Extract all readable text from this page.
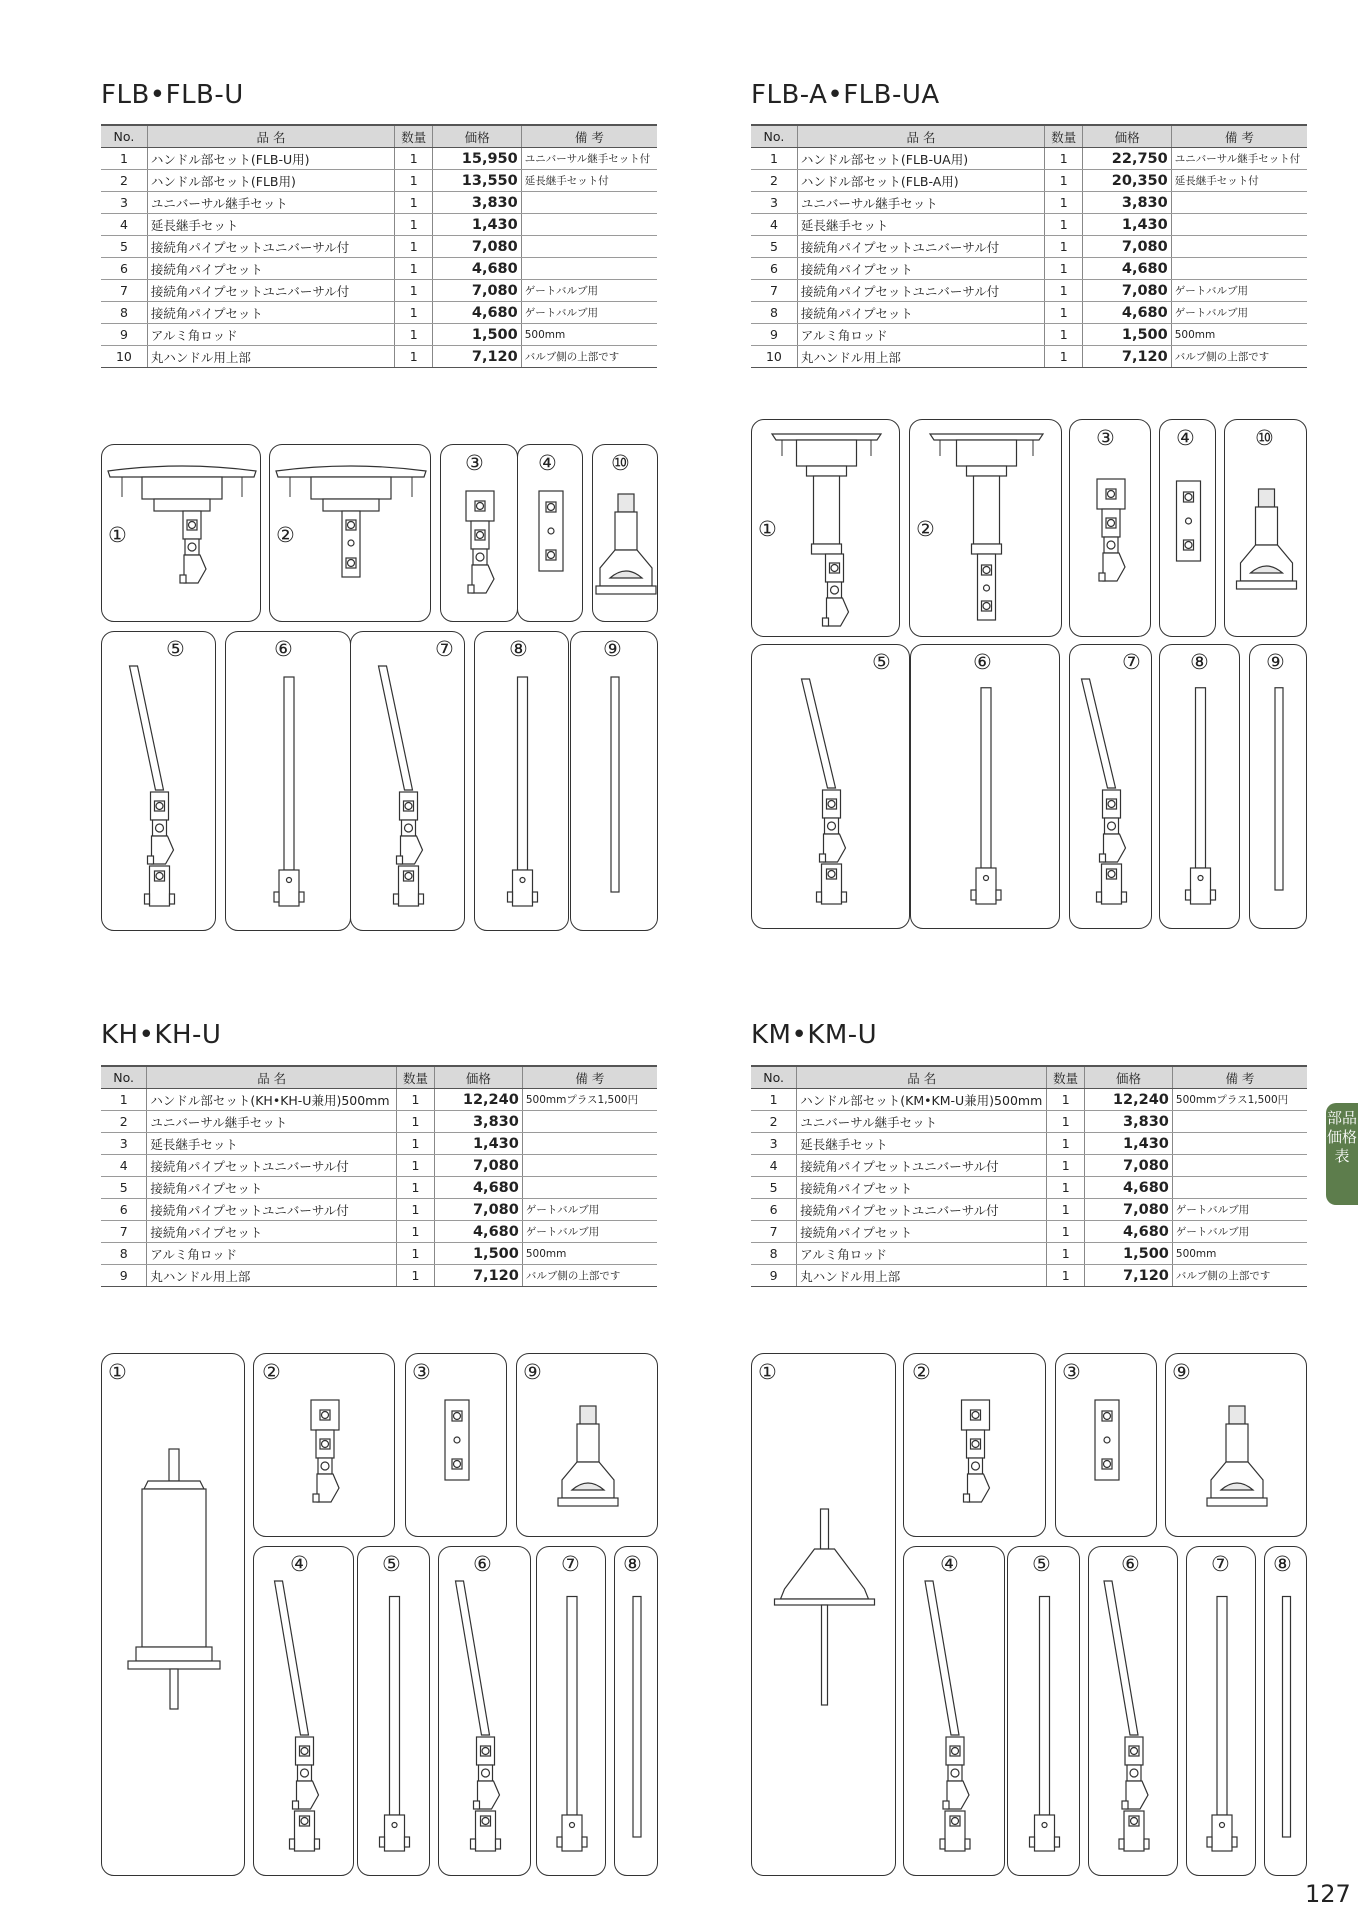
FLB•FLB-U	FLB-A•FLB-UA
KH•KH-U	KM•KM-U
No.	品 名	数量	価格	備 考
1	ハンドル部セット(FLB-U用)	1	15,950	ユニバーサル継手セット付
2	ハンドル部セット(FLB用)	1	13,550	延長継手セット付
3	ユニバーサル継手セット	1	3,830	
4	延長継手セット	1	1,430	
5	接続角パイプセットユニバーサル付	1	7,080	
6	接続角パイプセット	1	4,680	
7	接続角パイプセットユニバーサル付	1	7,080	ゲートバルブ用
8	接続角パイプセット	1	4,680	ゲートバルブ用
9	アルミ角ロッド	1	1,500	500mm
10	丸ハンドル用上部	1	7,120	バルブ側の上部です
No.	品 名	数量	価格	備 考
1	ハンドル部セット(FLB-UA用)	1	22,750	ユニバーサル継手セット付
2	ハンドル部セット(FLB-A用)	1	20,350	延長継手セット付
3	ユニバーサル継手セット	1	3,830	
4	延長継手セット	1	1,430	
5	接続角パイプセットユニバーサル付	1	7,080	
6	接続角パイプセット	1	4,680	
7	接続角パイプセットユニバーサル付	1	7,080	ゲートバルブ用
8	接続角パイプセット	1	4,680	ゲートバルブ用
9	アルミ角ロッド	1	1,500	500mm
10	丸ハンドル用上部	1	7,120	バルブ側の上部です
No.	品 名	数量	価格	備 考
1	ハンドル部セット(KH•KH-U兼用)500mm	1	12,240	500mmプラス1,500円
2	ユニバーサル継手セット	1	3,830	
3	延長継手セット	1	1,430	
4	接続角パイプセットユニバーサル付	1	7,080	
5	接続角パイプセット	1	4,680	
6	接続角パイプセットユニバーサル付	1	7,080	ゲートバルブ用
7	接続角パイプセット	1	4,680	ゲートバルブ用
8	アルミ角ロッド	1	1,500	500mm
9	丸ハンドル用上部	1	7,120	バルブ側の上部です
No.	品 名	数量	価格	備 考
1	ハンドル部セット(KM•KM-U兼用)500mm	1	12,240	500mmプラス1,500円
2	ユニバーサル継手セット	1	3,830	
3	延長継手セット	1	1,430	
4	接続角パイプセットユニバーサル付	1	7,080	
5	接続角パイプセット	1	4,680	
6	接続角パイプセットユニバーサル付	1	7,080	ゲートバルブ用
7	接続角パイプセット	1	4,680	ゲートバルブ用
8	アルミ角ロッド	1	1,500	500mm
9	丸ハンドル用上部	1	7,120	バルブ側の上部です
①	②
③	④	⑩
⑤	⑥	⑦	⑧	⑨
①	②
③	④	⑩
⑤	⑥	⑦ ⑧	⑨
①	②	③	⑨
④	⑤	⑥	⑦ ⑧
①	②	③	⑨
④	⑤	⑥	⑦ ⑧
部品価格表
127
